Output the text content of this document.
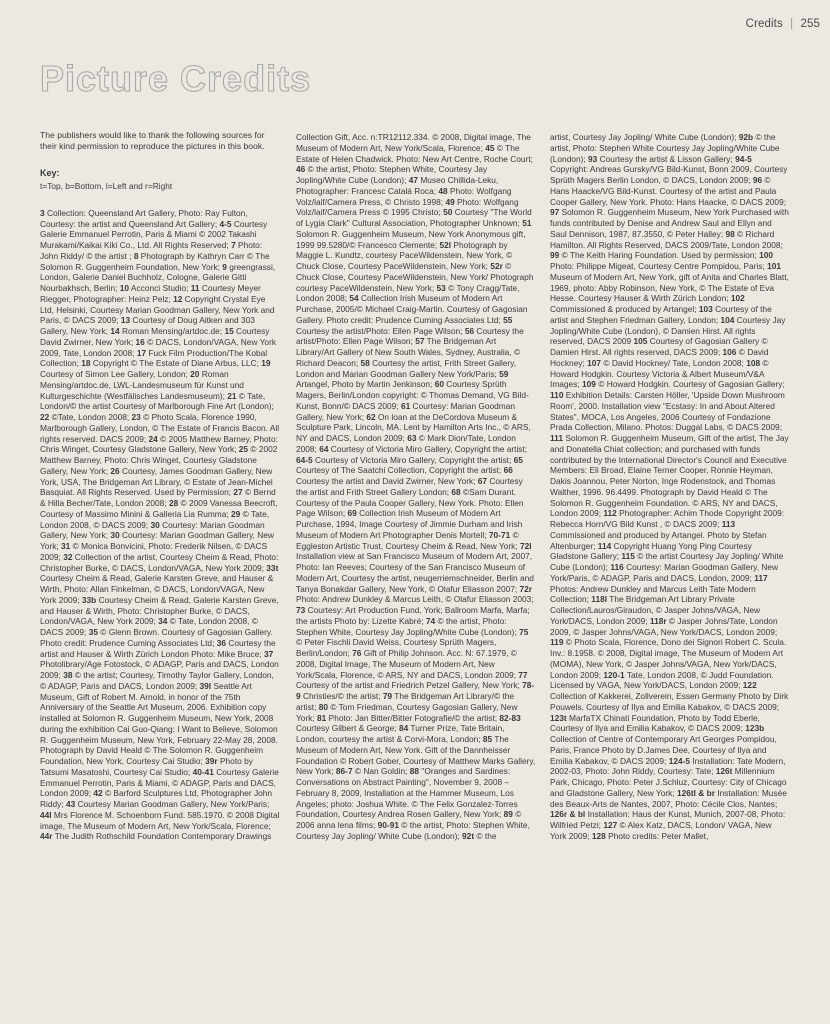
Credits | 255
Picture Credits

The publishers would like to thank the following sources for their kind permission to reproduce the pictures in this book.

Key:

t=Top, b=Bottom, l=Left and r=Right

3 Collection: Queensland Art Gallery, Photo: Ray Fulton, Courtesy: the artist and Queensland Art Gallery; 4-5 Courtesy Galerie Emmanuel Perrotin, Paris & Miami © 2002 Takashi Murakami/Kaikai Kiki Co., Ltd. All Rights Reserved; 7 Photo: John Riddy/ © the artist ; 8 Photograph by Kathryn Carr © The Solomon R. Guggenheim Foundation, New York; 9 greengrassi, London, Galerie Daniel Buchholz, Cologne, Galerie Gitti Nourbakhsch, Berlin; 10 Acconci Studio; 11 Courtesy Meyer Riegger, Photographer: Heinz Pelz; 12 Copyright Crystal Eye Ltd, Helsinki, Courtesy Marian Goodman Gallery, New York and Paris, © DACS 2009; 13 Courtesy of Doug Aitken and 303 Gallery, New York; 14 Roman Mensing/artdoc.de; 15 Courtesy David Zwirner, New York; 16 © DACS, London/VAGA, New York 2009, Tate, London 2008; 17 Fuck Film Production/The Kobal Collection; 18 Copyright © The Estate of Diane Arbus, LLC; 19 Courtesy of Simon Lee Gallery, London; 20 Roman Mensing/artdoc.de, LWL-Landesmuseum für Kunst und Kulturgeschichte (Westfälisches Landesmuseum); 21 © Tate, London/© the artist Courtesy of Marlborough Fine Art (London); 22 ©Tate, London 2008; 23 © Photo Scala, Florence 1990, Marlborough Gallery, London, © The Estate of Francis Bacon. All rights reserved. DACS 2009; 24 © 2005 Matthew Barney, Photo: Chris Winget, Courtesy Gladstone Gallery, New York; 25 © 2002 Matthew Barney, Photo: Chris Winget, Courtesy Gladstone Gallery, New York; 26 Courtesy, James Goodman Gallery, New York, USA, The Bridgeman Art Library, © Estate of Jean-Michel Basquiat. All Rights Reserved. Used by Permission; 27 © Bernd & Hilla Becher/Tate, London 2008; 28 © 2009 Vanessa Beecroft, Courtesy of Massimo Minini & Galleria Lia Rumma; 29 © Tate, London 2008, © DACS 2009; 30 Courtesy: Marian Goodman Gallery, New York; 30 Courtesy: Marian Goodman Gallery, New York; 31 © Monica Bonvicini, Photo: Frederik Nilsen, © DACS 2009; 32 Collection of the artist, Courtesy Cheim & Read, Photo: Christopher Burke, © DACS, London/VAGA, New York 2009; 33t Courtesy Cheim & Read, Galerie Karsten Greve, and Hauser & Wirth, Photo: Allan Finkelman, © DACS, London/VAGA, New York 2009; 33b Courtesy Cheim & Read, Galerie Karsten Greve, and Hauser & Wirth, Photo: Christopher Burke, © DACS, London/VAGA, New York 2009; 34 © Tate, London 2008, © DACS 2009; 35 © Glenn Brown. Courtesy of Gagosian Gallery. Photo credit: Prudence Cuming Associates Ltd; 36 Courtesy the artist and Hauser & Wirth Zürich London Photo: Mike Bruce; 37 Photolibrary/Age Fotostock, © ADAGP, Paris and DACS, London 2009; 38 © the artist; Courtesy, Timothy Taylor Gallery, London, © ADAGP, Paris and DACS, London 2009; 39l Seattle Art Museum, Gift of Robert M. Arnold, in honor of the 75th Anniversary of the Seattle Art Museum, 2006. Exhibition copy installed at Solomon R. Guggenheim Museum, New York, 2008 during the exhibition Cai Guo-Qiang: I Want to Believe, Solomon R. Guggenheim Museum, New York, February 22-May 28, 2008. Photograph by David Heald © The Solomon R. Guggenheim Foundation, New York, Courtesy Cai Studio; 39r Photo by Tatsumi Masatoshi, Courtesy Cai Studio; 40-41 Courtesy Galerie Emmanuel Perrotin, Paris & Miami, © ADAGP, Paris and DACS, London 2009; 42 © Barford Sculptures Ltd, Photographer John Riddy; 43 Courtesy Marian Goodman Gallery, New York/Paris; 44l Mrs Florence M. Schoenborn Fund. 585.1970. © 2008 Digital image, The Museum of Modern Art, New York/Scala, Florence; 44r The Judith Rothschild Foundation Contemporary Drawings

Collection Gift, Acc. n:TR12112.334. © 2008, Digital image, The Museum of Modern Art, New York/Scala, Florence; 45 © The Estate of Helen Chadwick. Photo: New Art Centre, Roche Court; 46 © the artist, Photo: Stephen White, Courtesy Jay Jopling/White Cube (London); 47 Museo Chillida-Leku, Photographer: Francesc Catalá Roca; 48 Photo: Wolfgang Volz/laif/Camera Press, © Christo 1998; 49 Photo: Wolfgang Volz/laif/Camera Press © 1995 Christo; 50 Courtesy "The World of Lygia Clark" Cultural Association, Photographer Unknown; 51 Solomon R. Guggenheim Museum, New York Anonymous gift, 1999 99.5280/© Francesco Clemente; 52l Photograph by Maggie L. Kundtz, courtesy PaceWildenstein, New York, © Chuck Close, Courtesy PaceWildenstein, New York; 52r © Chuck Close, Courtesy PaceWildenstein, New York/ Photograph courtesy PaceWildenstein, New York; 53 © Tony Cragg/Tate, London 2008; 54 Collection Irish Museum of Modern Art Purchase, 2005/© Michael Craig-Martin. Courtesy of Gagosian Gallery. Photo credit: Prudence Cuming Associates Ltd; 55 Courtesy the artist/Photo: Ellen Page Wilson; 56 Courtesy the artist/Photo: Ellen Page Wilson; 57 The Bridgeman Art Library/Art Gallery of New South Wales, Sydney, Australia, © Richard Deacon; 58 Courtesy the artist, Frith Street Gallery, London and Marian Goodman Gallery New York/Paris; 59 Artangel, Photo by Martin Jenkinson; 60 Courtesy Sprüth Magers, Berlin/London copyright: © Thomas Demand, VG Bild-Kunst, Bonn/© DACS 2009; 61 Courtesy: Marian Goodman Gallery, New York; 62 On loan at the DeCordova Museum & Sculpture Park, Lincoln, MA. Lent by Hamilton Arts Inc., © ARS, NY and DACS, London 2009; 63 © Mark Dion/Tate, London 2008; 64 Courtesy of Victoria Miro Gallery, Copyright the artist; 64-5 Courtesy of Victoria Miro Gallery, Copyright the artist; 65 Courtesy of The Saatchi Collection, Copyright the artist; 66 Courtesy the artist and David Zwirner, New York; 67 Courtesy the artist and Frith Street Gallery London; 68 ©Sam Durant. Courtesy of the Paula Cooper Gallery, New York. Photo: Ellen Page Wilson; 69 Collection Irish Museum of Modern Art Purchase, 1994, Image Courtesy of Jimmie Durham and Irish Museum of Modern Art Photographer Denis Mortell; 70-71 © Eggleston Artistic Trust, Courtesy Cheim & Read, New York; 72l Installation view at San Francisco Museum of Modern Art, 2007, Photo: Ian Reeves; Courtesy of the San Francisco Museum of Modern Art, Courtesy the artist, neugerriemschneider, Berlin and Tanya Bonakdar Gallery, New York, © Olafur Eliasson 2007; 72r Photo: Andrew Dunkley & Marcus Leith, © Olafur Eliasson 2003; 73 Courtesy: Art Production Fund, York; Ballroom Marfa, Marfa; the artists Photo by: Lizette Kabré; 74 © the artist, Photo: Stephen White, Courtesy Jay Jopling/White Cube (London); 75 © Peter Fischli David Weiss, Courtesy Sprüth Magers, Berlin/London; 76 Gift of Philip Johnson. Acc. N: 67.1979, © 2008, Digital Image, The Museum of Modern Art, New York/Scala, Florence, © ARS, NY and DACS, London 2009; 77 Courtesy of the artist and Friedrich Petzel Gallery, New York; 78-9 Christies/© the artist; 79 The Bridgeman Art Library/© the artist; 80 © Tom Friedman, Courtesy Gagosian Gallery, New York; 81 Photo: Jan Bitter/Bitter Fotografie/© the artist; 82-83 Courtesy Gilbert & George; 84 Turner Prize, Tate Britain, London, courtesy the artist & Corvi-Mora, London; 85 The Museum of Modern Art, New York. Gift of the Dannheisser Foundation © Robert Gober, Courtesy of Matthew Marks Gallery, New York; 86-7 © Nan Goldin; 88 "Oranges and Sardines: Conversations on Abstract Painting", November 9, 2008 – February 8, 2009, Installation at the Hammer Museum, Los Angeles; photo: Joshua White. © The Felix Gonzalez-Torres Foundation, Courtesy Andrea Rosen Gallery, New York; 89 © 2006 anna lena films; 90-91 © the artist, Photo: Stephen White, Courtesy Jay Jopling/ White Cube (London); 92t © the

artist, Courtesy Jay Jopling/ White Cube (London); 92b © the artist, Photo: Stephen White Courtesy Jay Jopling/White Cube (London); 93 Courtesy the artist & Lisson Gallery; 94-5 Copyright: Andreas Gursky/VG Bild-Kunst, Bonn 2009, Courtesy Sprüth Magers Berlin London, © DACS, London 2009; 96 © Hans Haacke/VG Bild-Kunst. Courtesy of the artist and Paula Cooper Gallery, New York. Photo: Hans Haacke, © DACS 2009; 97 Solomon R. Guggenheim Museum, New York Purchased with funds contributed by Denise and Andrew Saul and Ellyn and Saul Dennison, 1987, 87.3550, © Peter Halley; 98 © Richard Hamilton. All Rights Reserved, DACS 2009/Tate, London 2008; 99 © The Keith Haring Foundation. Used by permission; 100 Photo: Philippe Migeat, Courtesy Centre Pompidou, Paris; 101 Museum of Modern Art, New York, gift of Anita and Charles Blatt, 1969, photo: Abby Robinson, New York, © The Estate of Eva Hesse. Courtesy Hauser & Wirth Zürich London; 102 Commissioned & produced by Artangel; 103 Courtesy of the artist and Stephen Friedman Gallery, London; 104 Courtesy Jay Jopling/White Cube (London), © Damien Hirst. All rights reserved, DACS 2009 105 Courtesy of Gagosian Gallery © Damien Hirst. All rights reserved, DACS 2009; 106 © David Hockney; 107 © David Hockney/ Tate, London 2008; 108 © Howard Hodgkin. Courtesy Victoria & Albert Museum/V&A Images; 109 © Howard Hodgkin. Courtesy of Gagosian Gallery; 110 Exhibition Details: Carsten Höller, 'Upside Down Mushroom Room', 2000. Installation view "Ecstasy: In and About Altered States", MOCA, Los Angeles, 2006 Courtesy of Fondazione Prada Collection, Milano. Photos: Duggal Labs, © DACS 2009; 111 Solomon R. Guggenheim Museum, Gift of the artist, The Jay and Donatella Chiat collection; and purchased with funds contributed by the International Director's Council and Executive Members: Eli Broad, Elaine Terner Cooper, Ronnie Heyman, Dakis Joannou, Peter Norton, Inge Rodenstock, and Thomas Walther, 1996. 96.4499. Photograph by David Heald © The Solomon R. Guggenheim Foundation. © ARS, NY and DACS, London 2009; 112 Photographer: Achim Thode Copyright 2009: Rebecca Horn/VG Bild Kunst , © DACS 2009; 113 Commissioned and produced by Artangel. Photo by Stefan Altenburger; 114 Copyright Huang Yong Ping Courtesy Gladstone Gallery; 115 © the artist Courtesy Jay Jopling/ White Cube (London); 116 Courtesy: Marian Goodman Gallery, New York/Paris, © ADAGP, Paris and DACS, London, 2009; 117 Photos: Andrew Dunkley and Marcus Leith Tate Modern Collection; 118l The Bridgeman Art Library Private Collection/Lauros/Giraudon, © Jasper Johns/VAGA, New York/DACS, London 2009; 118r © Jasper Johns/Tate, London 2009, © Jasper Johns/VAGA, New York/DACS, London 2009; 119 © Photo Scala, Florence, Dono dei Signori Robert C. Scula. Inv.: 8.1958. © 2008, Digital image, The Museum of Modern Art (MOMA), New York, © Jasper Johns/VAGA, New York/DACS, London 2009; 120-1 Tate, London 2008, © Judd Foundation. Licensed by VAGA, New York/DACS, London 2009; 122 Collection of Kakkerei, Zollverein, Essen Germany Photo by Dirk Pouwels, Courtesy of Ilya and Emilia Kabakov, © DACS 2009; 123t MarfaTX Chinati Foundation, Photo by Todd Eberle, Courtesy of Ilya and Emilia Kabakov, © DACS 2009; 123b Collection of Centre of Contemporary Art Georges Pompidou, Paris, France Photo by D.James Dee, Courtesy of Ilya and Emilia Kabakov, © DACS 2009; 124-5 Installation: Tate Modern, 2002-03, Photo: John Riddy, Courtesy: Tate; 126t Millennium Park, Chicago, Photo: Peter J.Schluz, Courtesy: City of Chicago and Gladstone Gallery, New York; 126tl & br Installation: Musée des Beaux-Arts de Nantes, 2007, Photo: Cécile Clos, Nantes; 126r & bl Installation: Haus der Kunst, Munich, 2007-08, Photo: Wilfried Petzi; 127 © Alex Katz, DACS, London/ VAGA, New York 2009; 128 Photo credits: Peter Mallet,
